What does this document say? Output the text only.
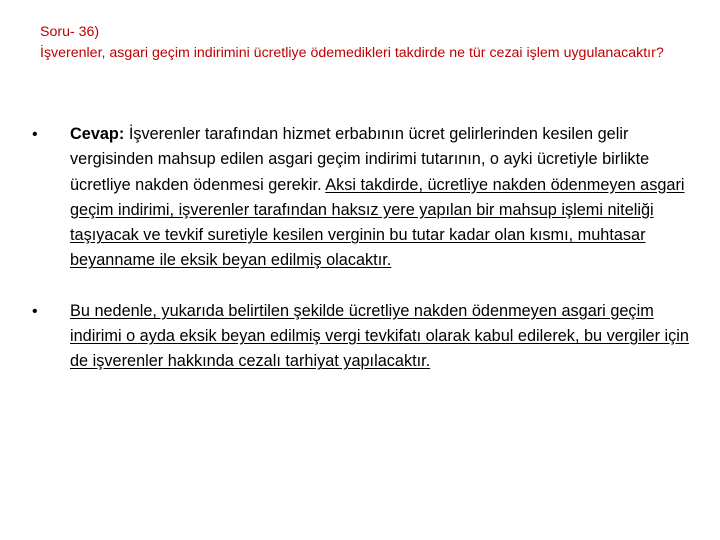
Soru- 36)

İşverenler, asgari geçim indirimini ücretliye ödemedikleri takdirde ne tür cezai işlem uygulanacaktır?

• Cevap: İşverenler tarafından hizmet erbabının ücret gelirlerinden kesilen gelir vergisinden mahsup edilen asgari geçim indirimi tutarının, o ayki ücretiyle birlikte ücretliye nakden ödenmesi gerekir. Aksi takdirde, ücretliye nakden ödenmeyen asgari geçim indirimi, işverenler tarafından haksız yere yapılan bir mahsup işlemi niteliği taşıyacak ve tevkif suretiyle kesilen verginin bu tutar kadar olan kısmı, muhtasar beyanname ile eksik beyan edilmiş olacaktır.
• Bu nedenle, yukarıda belirtilen şekilde ücretliye nakden ödenmeyen asgari geçim indirimi o ayda eksik beyan edilmiş vergi tevkifatı olarak kabul edilerek, bu vergiler için de işverenler hakkında cezalı tarhiyat yapılacaktır.
